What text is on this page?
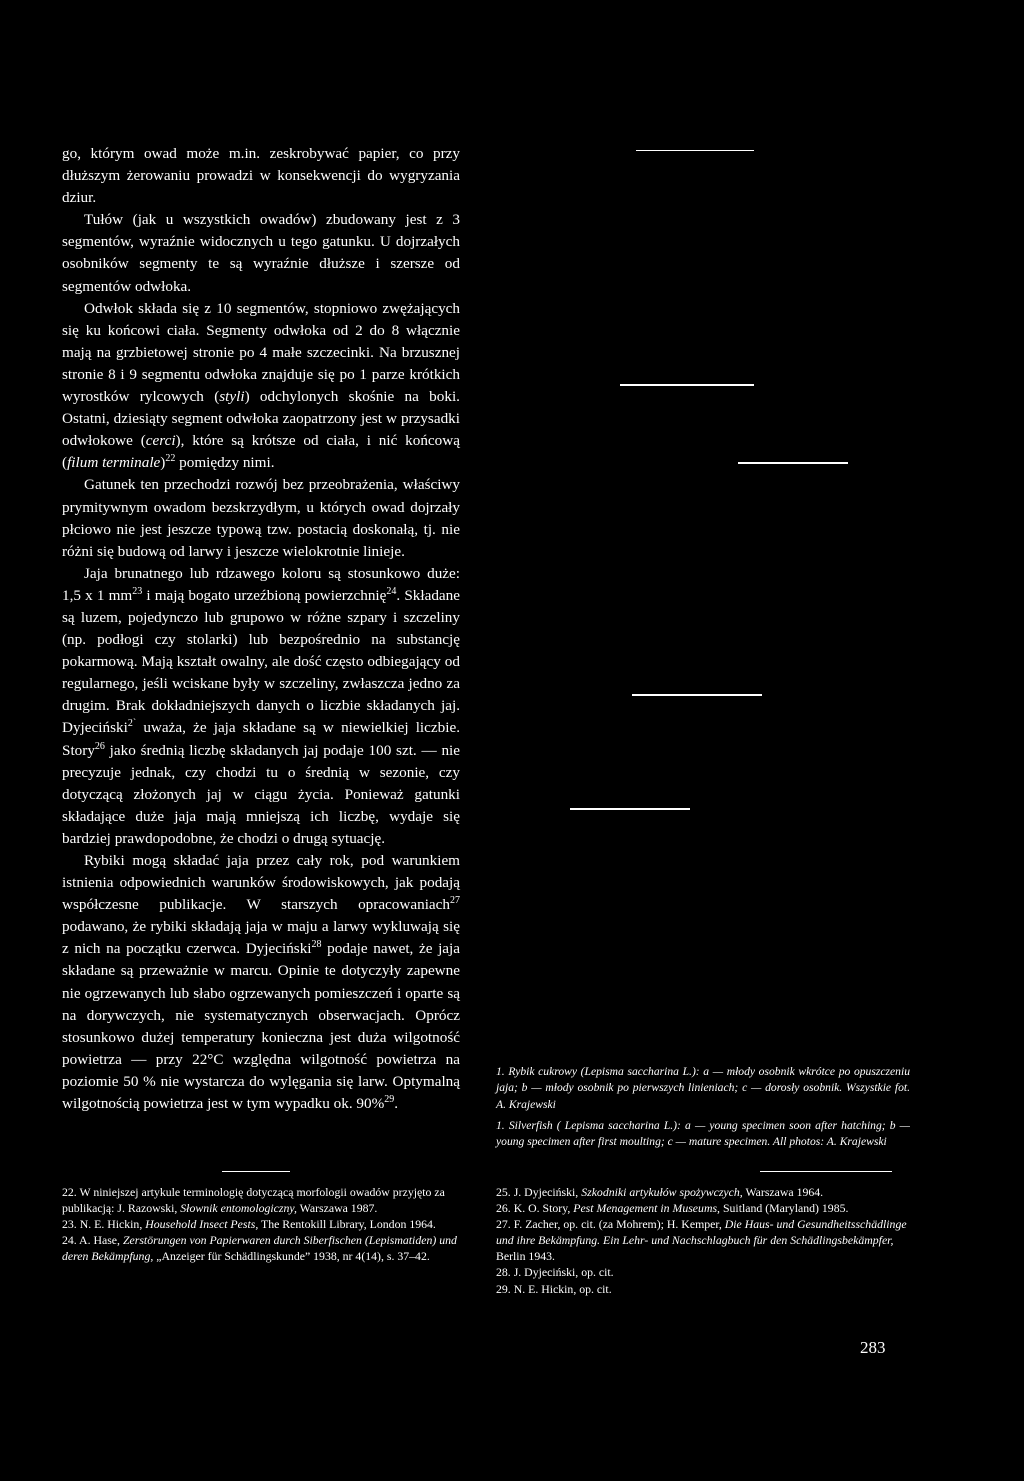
go, którym owad może m.in. zeskrobywać papier, co przy dłuższym żerowaniu prowadzi w konsekwencji do wygryzania dziur.

Tułów (jak u wszystkich owadów) zbudowany jest z 3 segmentów, wyraźnie widocznych u tego gatunku. U dojrzałych osobników segmenty te są wyraźnie dłuższe i szersze od segmentów odwłoka.

Odwłok składa się z 10 segmentów, stopniowo zwężających się ku końcowi ciała. Segmenty odwłoka od 2 do 8 włącznie mają na grzbietowej stronie po 4 małe szczecinki. Na brzusznej stronie 8 i 9 segmentu odwłoka znajduje się po 1 parze krótkich wyrostków rylcowych (styli) odchylonych skośnie na boki. Ostatni, dziesiąty segment odwłoka zaopatrzony jest w przysadki odwłokowe (cerci), które są krótsze od ciała, i nić końcową (filum terminale)$^{22}$ pomiędzy nimi.

Gatunek ten przechodzi rozwój bez przeobrażenia, właściwy prymitywnym owadom bezskrzydłym, u których owad dojrzały płciowo nie jest jeszcze typową tzw. postacią doskonałą, tj. nie różni się budową od larwy i jeszcze wielokrotnie linieje.

Jaja brunatnego lub rdzawego koloru są stosunkowo duże: 1,5 x 1 $mm^{23}$ i mają bogato urzeźbioną powierzchnię$^{24}$. Składane są luzem, pojedynczo lub grupowo w różne szpary i szczeliny (np. podłogi czy stolarki) lub bezpośrednio na substancję pokarmową. Mają kształt owalny, ale dość często odbiegający od regularnego, jeśli wciskane były w szczeliny, zwłaszcza jedno za drugim. Brak dokładniejszych danych o liczbie składanych jaj. Dyjeciński$^{2`}$ uważa, że jaja składane są w niewielkiej liczbie. Story$^{26}$ jako średnią liczbę składanych jaj podaje 100 szt. — nie precyzuje jednak, czy chodzi tu o średnią w sezonie, czy dotyczącą złożonych jaj w ciągu życia. Ponieważ gatunki składające duże jaja mają mniejszą ich liczbę, wydaje się bardziej prawdopodobne, że chodzi o drugą sytuację.

Rybiki mogą składać jaja przez cały rok, pod warunkiem istnienia odpowiednich warunków środowiskowych, jak podają współczesne publikacje. W starszych opracowaniach$^{27}$ podawano, że rybiki składają jaja w maju a larwy wykluwają się z nich na początku czerwca. Dyjeciński$^{28}$ podaje nawet, że jaja składane są przeważnie w marcu. Opinie te dotyczyły zapewne nie ogrzewanych lub słabo ogrzewanych pomieszczeń i oparte są na dorywczych, nie systematycznych obserwacjach. Oprócz stosunkowo dużej temperatury konieczna jest duża wilgotność powietrza — przy 22°C względna wilgotność powietrza na poziomie 50 % nie wystarcza do wylęgania się larw. Optymalną wilgotnością powietrza jest w tym wypadku ok. 90%$^{29}$.

22. W niniejszej artykule terminologię dotyczącą morfologii owadów przyjęto za publikacją: J. Razowski, Słownik entomologiczny, Warszawa 1987.
23. N. E. Hickin, Household Insect Pests, The Rentokill Library, London 1964.
24. A. Hase, Zerstörungen von Papierwaren durch Siberfischen (Lepismatiden) und deren Bekämpfung, „Anzeiger für Schädlingskunde” 1938, nr 4(14), s. 37–42.
1. Rybik cukrowy (Lepisma saccharina L.): a — młody osobnik wkrótce po opuszczeniu jaja; b — młody osobnik po pierwszych linieniach; c — dorosły osobnik. Wszystkie fot. A. Krajewski
1. Silverfish ( Lepisma saccharina L.): a — young specimen soon after hatching; b — young specimen after first moulting; c — mature specimen. All photos: A. Krajewski
25. J. Dyjeciński, Szkodniki artykułów spożywczych, Warszawa 1964.
26. K. O. Story, Pest Menagement in Museums, Suitland (Maryland) 1985.
27. F. Zacher, op. cit. (za Mohrem); H. Kemper, Die Haus- und Gesundheitsschädlinge und ihre Bekämpfung. Ein Lehr- und Nachschlagbuch für den Schädlingsbekämpfer, Berlin 1943.
28. J. Dyjeciński, op. cit.
29. N. E. Hickin, op. cit.
283
